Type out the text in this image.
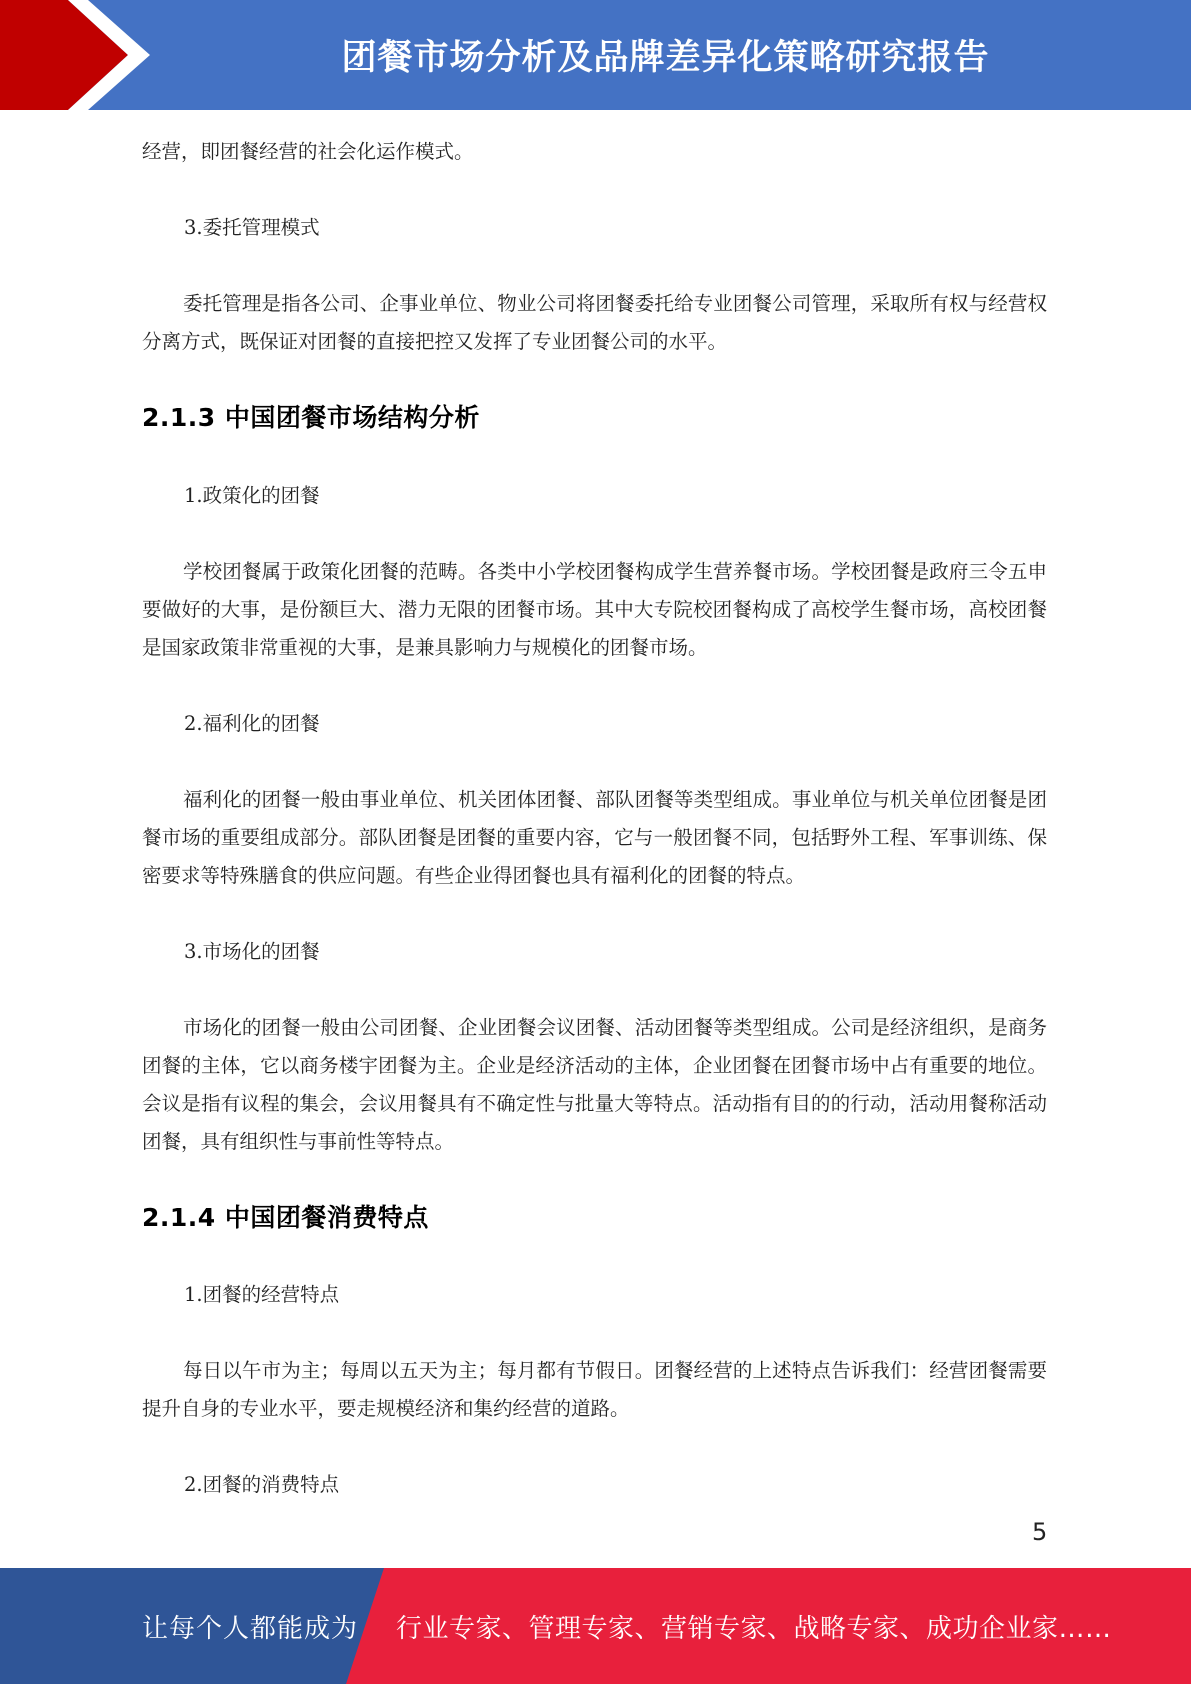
团餐市场分析及品牌差异化策略研究报告

经营，即团餐经营的社会化运作模式。

3.委托管理模式

委托管理是指各公司、企事业单位、物业公司将团餐委托给专业团餐公司管理，采取所有权与经营权分离方式，既保证对团餐的直接把控又发挥了专业团餐公司的水平。

2.1.3 中国团餐市场结构分析

1.政策化的团餐

学校团餐属于政策化团餐的范畴。各类中小学校团餐构成学生营养餐市场。学校团餐是政府三令五申要做好的大事，是份额巨大、潜力无限的团餐市场。其中大专院校团餐构成了高校学生餐市场，高校团餐是国家政策非常重视的大事，是兼具影响力与规模化的团餐市场。

2.福利化的团餐

福利化的团餐一般由事业单位、机关团体团餐、部队团餐等类型组成。事业单位与机关单位团餐是团餐市场的重要组成部分。部队团餐是团餐的重要内容，它与一般团餐不同，包括野外工程、军事训练、保密要求等特殊膳食的供应问题。有些企业得团餐也具有福利化的团餐的特点。

3.市场化的团餐

市场化的团餐一般由公司团餐、企业团餐会议团餐、活动团餐等类型组成。公司是经济组织，是商务团餐的主体，它以商务楼宇团餐为主。企业是经济活动的主体，企业团餐在团餐市场中占有重要的地位。会议是指有议程的集会，会议用餐具有不确定性与批量大等特点。活动指有目的的行动，活动用餐称活动团餐，具有组织性与事前性等特点。

2.1.4 中国团餐消费特点

1.团餐的经营特点

每日以午市为主；每周以五天为主；每月都有节假日。团餐经营的上述特点告诉我们：经营团餐需要提升自身的专业水平，要走规模经济和集约经营的道路。

2.团餐的消费特点

5
让每个人都能成为 行业专家、管理专家、营销专家、战略专家、成功企业家……
